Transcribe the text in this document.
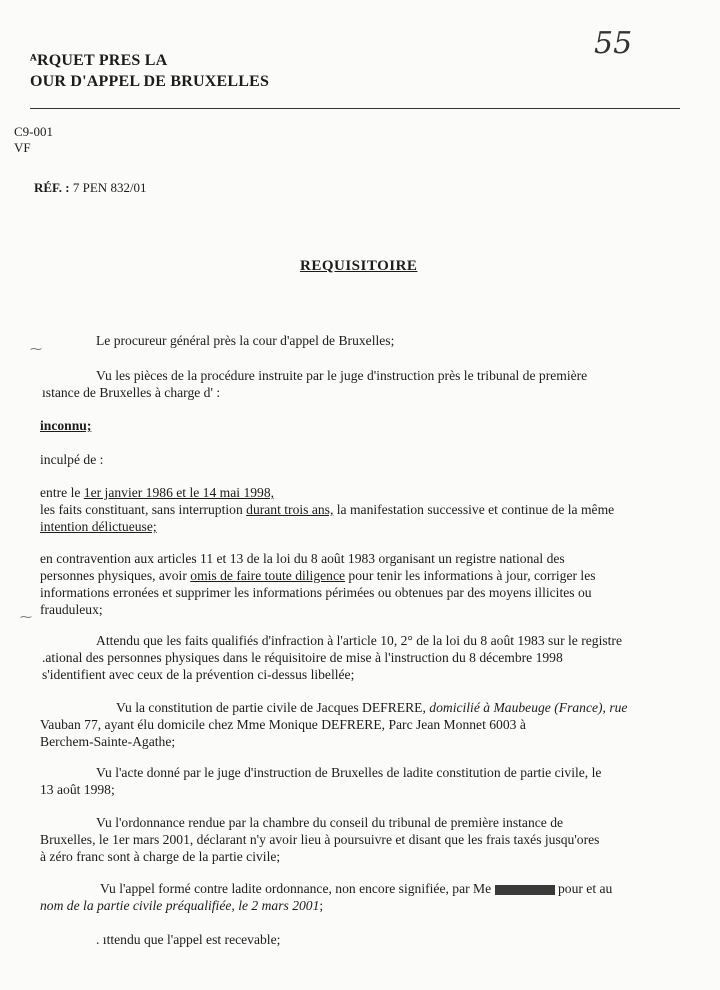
ᴬRQUET PRES LA
OUR D'APPEL DE BRUXELLES
55
C9-001
VF
RÉF. : 7 PEN 832/01
REQUISITOIRE
Le procureur général près la cour d'appel de Bruxelles;
Vu les pièces de la procédure instruite par le juge d'instruction près le tribunal de première
ıstance de Bruxelles à charge d' :
inconnu;
inculpé de :
entre le 1er janvier 1986 et le 14 mai 1998,
les faits constituant, sans interruption durant trois ans, la manifestation successive et continue de la même
intention délictueuse;
en contravention aux articles 11 et 13 de la loi du 8 août 1983 organisant un registre national des
personnes physiques, avoir omis de faire toute diligence pour tenir les informations à jour, corriger les
informations erronées et supprimer les informations périmées ou obtenues par des moyens illicites ou
frauduleux;
Attendu que les faits qualifiés d'infraction à l'article 10, 2° de la loi du 8 août 1983 sur le registre
.ational des personnes physiques dans le réquisitoire de mise à l'instruction du 8 décembre 1998
s'identifient avec ceux de la prévention ci-dessus libellée;
Vu la constitution de partie civile de Jacques DEFRERE, domicilié à Maubeuge (France), rue
Vauban 77, ayant élu domicile chez Mme Monique DEFRERE, Parc Jean Monnet 6003 à
Berchem-Sainte-Agathe;
Vu l'acte donné par le juge d'instruction de Bruxelles de ladite constitution de partie civile, le
13 août 1998;
Vu l'ordonnance rendue par la chambre du conseil du tribunal de première instance de
Bruxelles, le 1er mars 2001, déclarant n'y avoir lieu à poursuivre et disant que les frais taxés jusqu'ores
à zéro franc sont à charge de la partie civile;
Vu l'appel formé contre ladite ordonnance, non encore signifiée, par Me	pour et au
nom de la partie civile préqualifiée, le 2 mars 2001;
. ıttendu que l'appel est recevable;
⁓
⁓
